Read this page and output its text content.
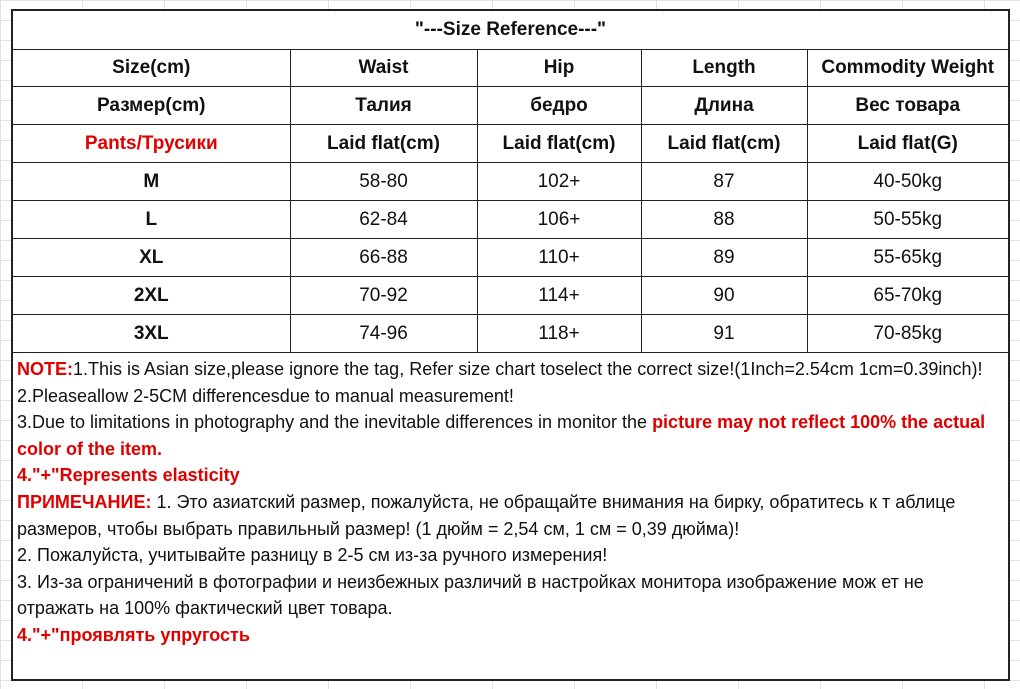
"---Size Reference---"
Size(cm)	Waist	Hip	Length	Commodity Weight
Размер(cm)	Талия	бедро	Длина	Вес товара
Pants/Трусики	Laid flat(cm)	Laid flat(cm)	Laid flat(cm)	Laid flat(G)
M	58-80	102+	87	40-50kg
L	62-84	106+	88	50-55kg
XL	66-88	110+	89	55-65kg
2XL	70-92	114+	90	65-70kg
3XL	74-96	118+	91	70-85kg

NOTE:1.This is Asian size,please ignore the tag, Refer size chart toselect the correct size!(1Inch=2.54cm 1cm=0.39inch)!

2.Pleaseallow 2-5CM differencesdue to manual measurement!

3.Due to limitations in photography and the inevitable differences in monitor the picture may not reflect 100% the actual color of the item.

4."+"Represents elasticity

ПРИМЕЧАНИЕ: 1. Это азиатский размер, пожалуйста, не обращайте внимания на бирку, обратитесь к т аблице размеров, чтобы выбрать правильный размер! (1 дюйм = 2,54 см, 1 см = 0,39 дюйма)!

2. Пожалуйста, учитывайте разницу в 2-5 см из-за ручного измерения!

3. Из-за ограничений в фотографии и неизбежных различий в настройках монитора изображение мож ет не отражать на 100% фактический цвет товара.

4."+"проявлять упругость
